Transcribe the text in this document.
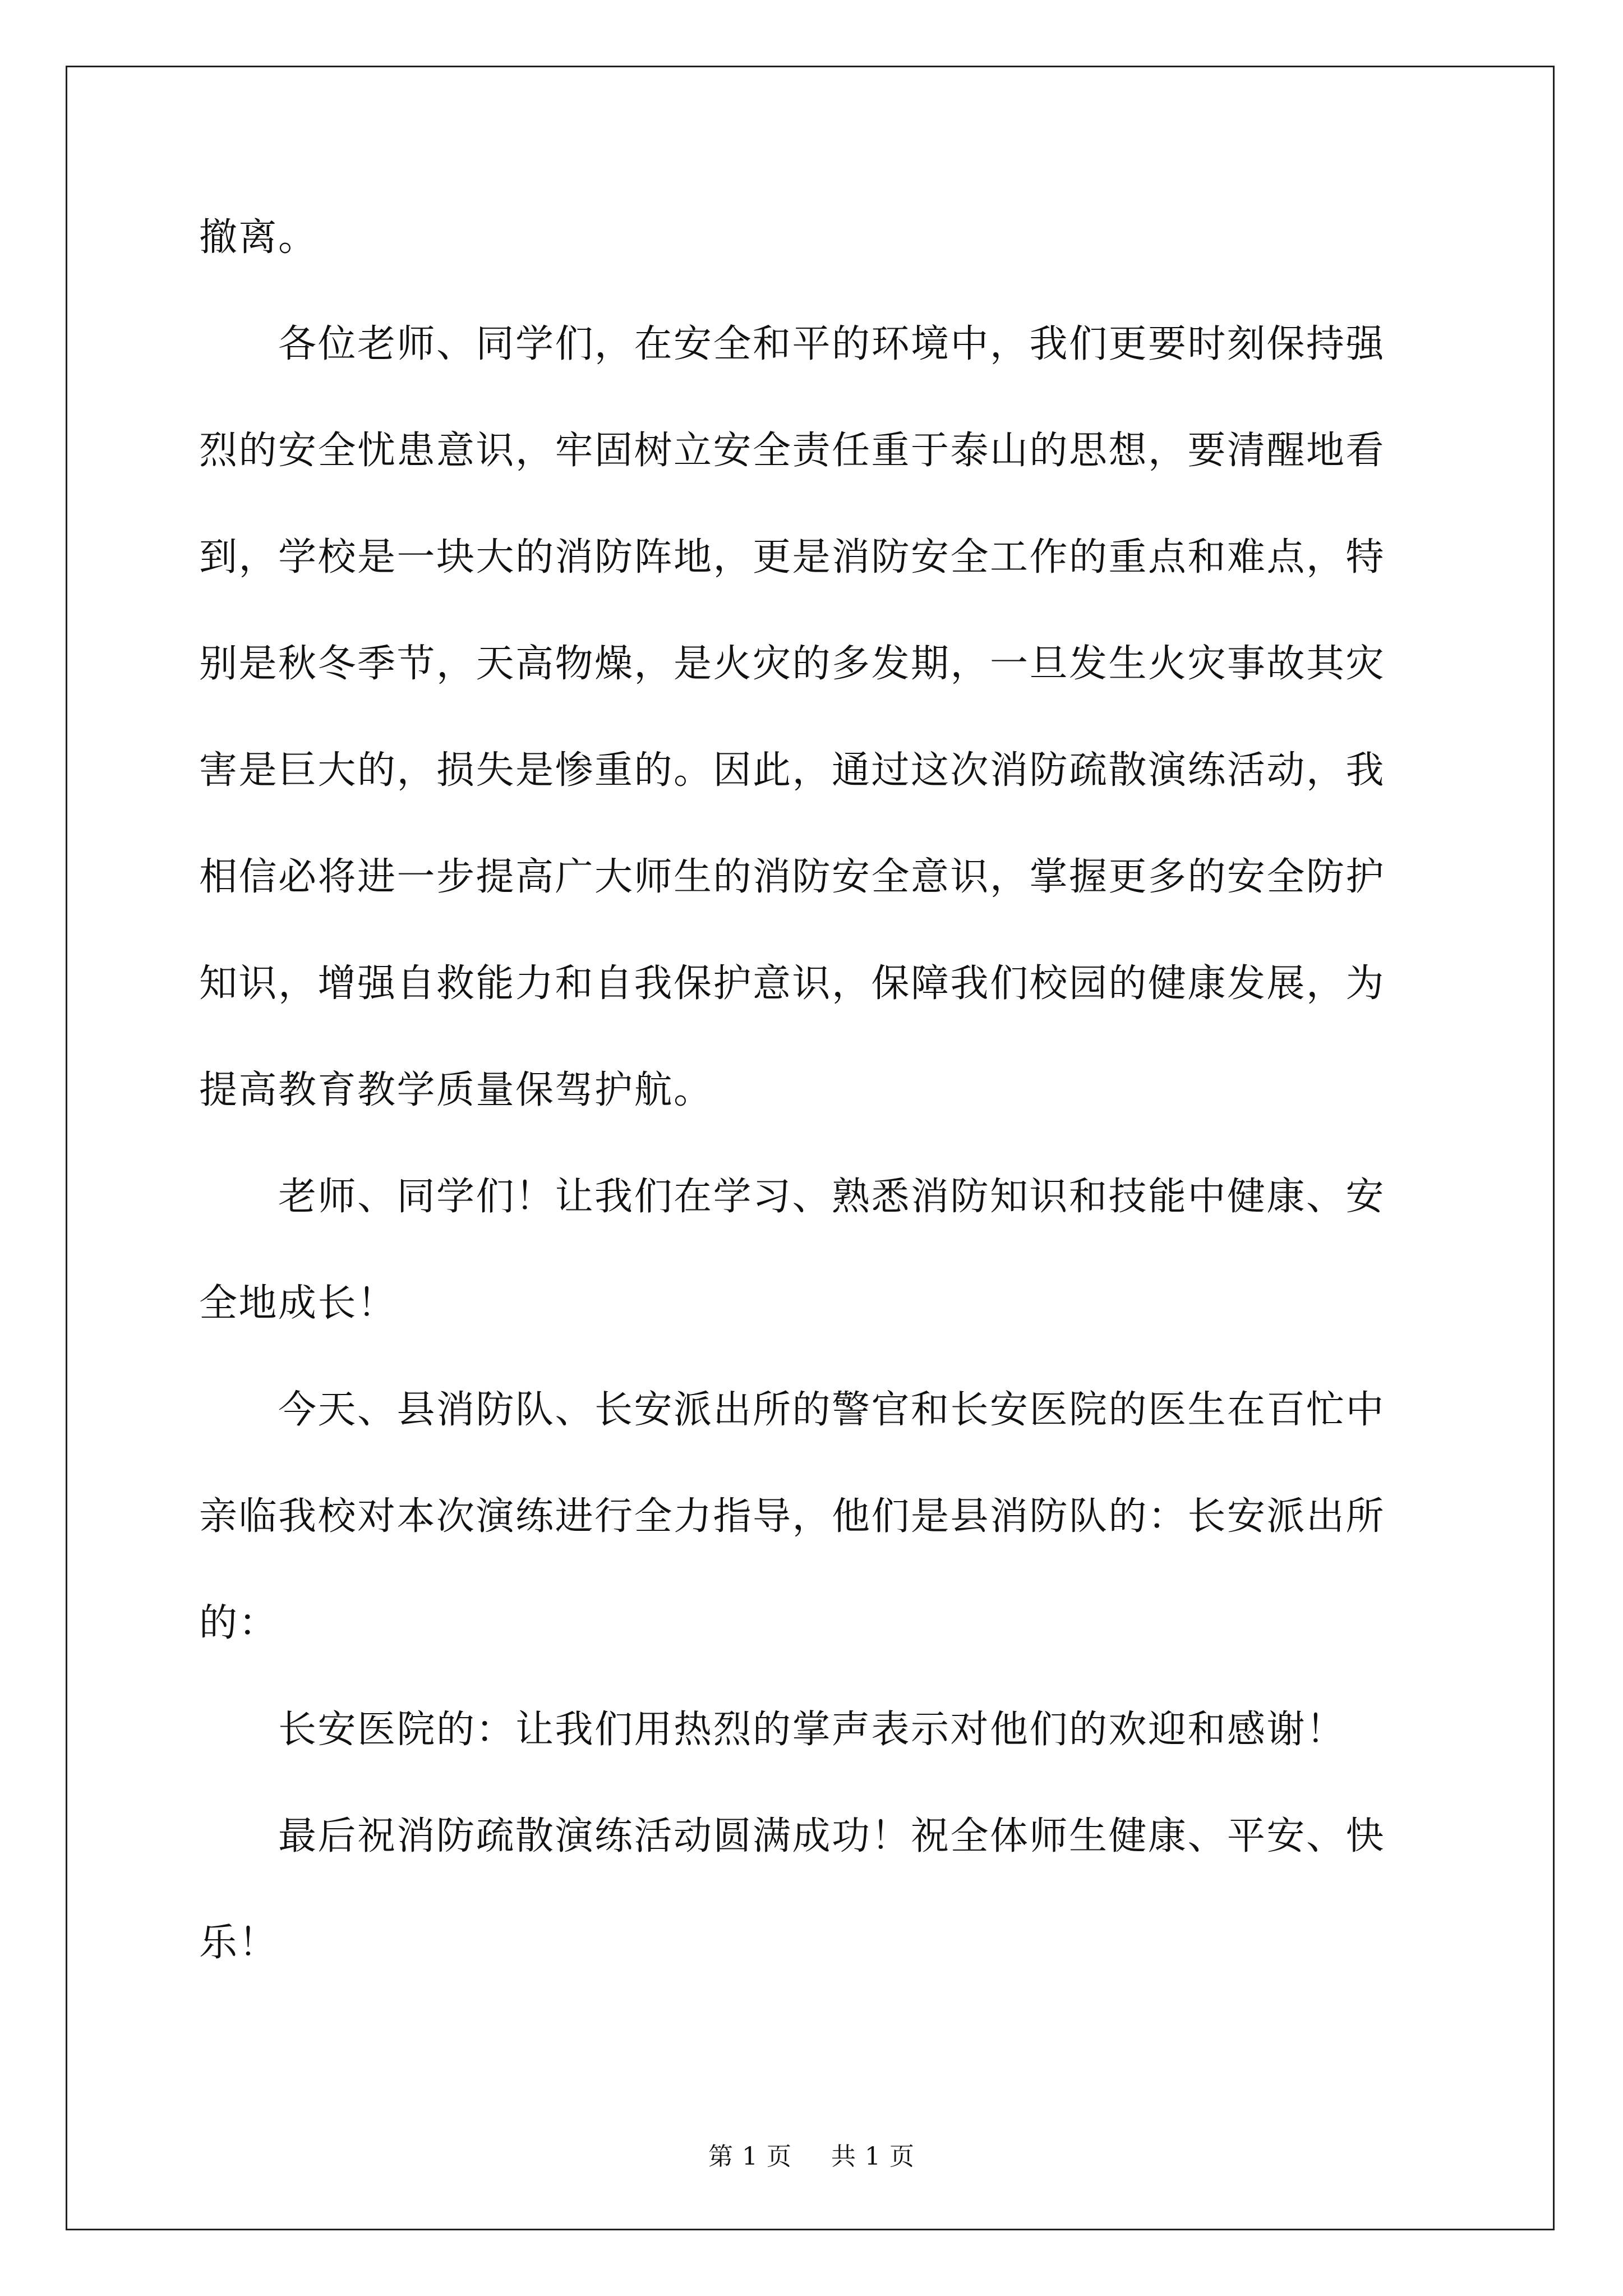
撤离。
　　各位老师、同学们，在安全和平的环境中，我们更要时刻保持强
烈的安全忧患意识，牢固树立安全责任重于泰山的思想，要清醒地看
到，学校是一块大的消防阵地，更是消防安全工作的重点和难点，特
别是秋冬季节，天高物燥，是火灾的多发期，一旦发生火灾事故其灾
害是巨大的，损失是惨重的。因此，通过这次消防疏散演练活动，我
相信必将进一步提高广大师生的消防安全意识，掌握更多的安全防护
知识，增强自救能力和自我保护意识，保障我们校园的健康发展，为
提高教育教学质量保驾护航。
　　老师、同学们！让我们在学习、熟悉消防知识和技能中健康、安
全地成长！
　　今天、县消防队、长安派出所的警官和长安医院的医生在百忙中
亲临我校对本次演练进行全力指导，他们是县消防队的：长安派出所
的：
　　长安医院的：让我们用热烈的掌声表示对他们的欢迎和感谢！
　　最后祝消防疏散演练活动圆满成功！祝全体师生健康、平安、快
乐！
第 1 页 共 1 页
